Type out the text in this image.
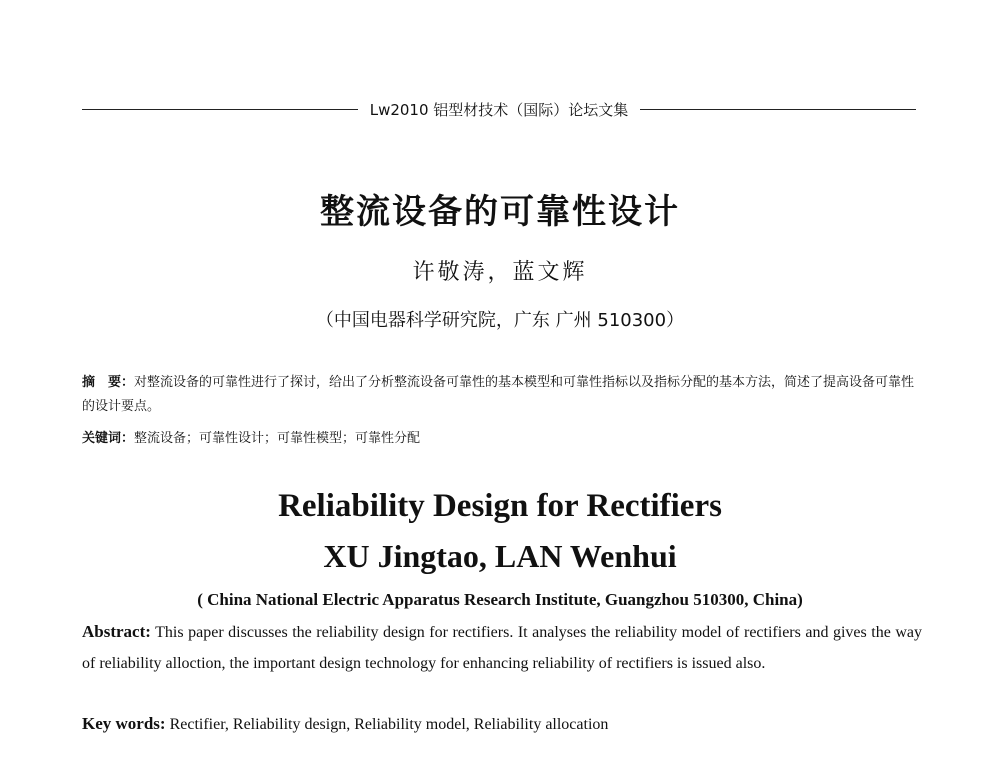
Lw2010 铝型材技术（国际）论坛文集
整流设备的可靠性设计
许敬涛，蓝文辉
（中国电器科学研究院，广东 广州 510300）
摘　要：对整流设备的可靠性进行了探讨，给出了分析整流设备可靠性的基本模型和可靠性指标以及指标分配的基本方法，简述了提高设备可靠性的设计要点。
关键词：整流设备；可靠性设计；可靠性模型；可靠性分配
Reliability Design for Rectifiers
XU Jingtao, LAN Wenhui
( China National Electric Apparatus Research Institute, Guangzhou 510300, China)
Abstract: This paper discusses the reliability design for rectifiers. It analyses the reliability model of rectifiers and gives the way of reliability alloction, the important design technology for enhancing reliability of rectifiers is issued also.
Key words: Rectifier, Reliability design, Reliability model, Reliability allocation
